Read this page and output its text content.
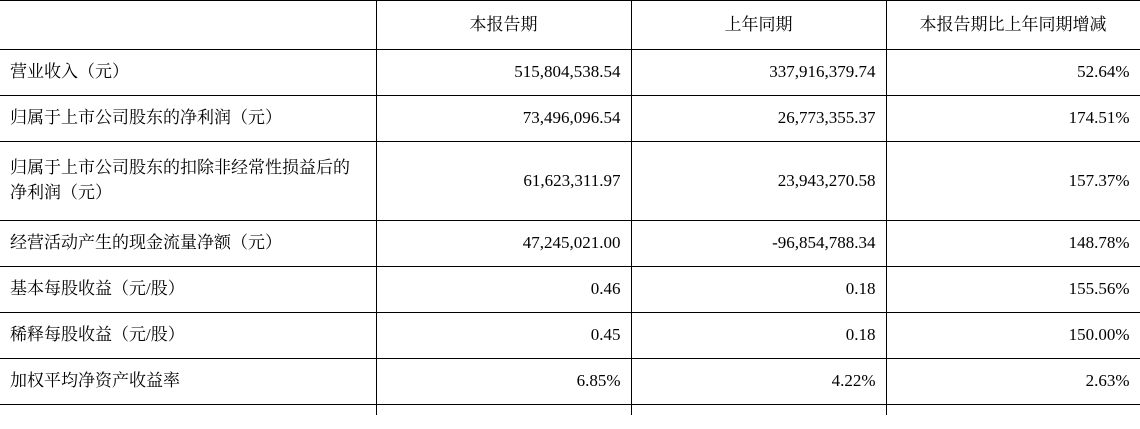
	本报告期	上年同期	本报告期比上年同期增减
营业收入（元）	515,804,538.54	337,916,379.74	52.64%
归属于上市公司股东的净利润（元）	73,496,096.54	26,773,355.37	174.51%
归属于上市公司股东的扣除非经常性损益后的净利润（元）	61,623,311.97	23,943,270.58	157.37%
经营活动产生的现金流量净额（元）	47,245,021.00	-96,854,788.34	148.78%
基本每股收益（元/股）	0.46	0.18	155.56%
稀释每股收益（元/股）	0.45	0.18	150.00%
加权平均净资产收益率	6.85%	4.22%	2.63%
